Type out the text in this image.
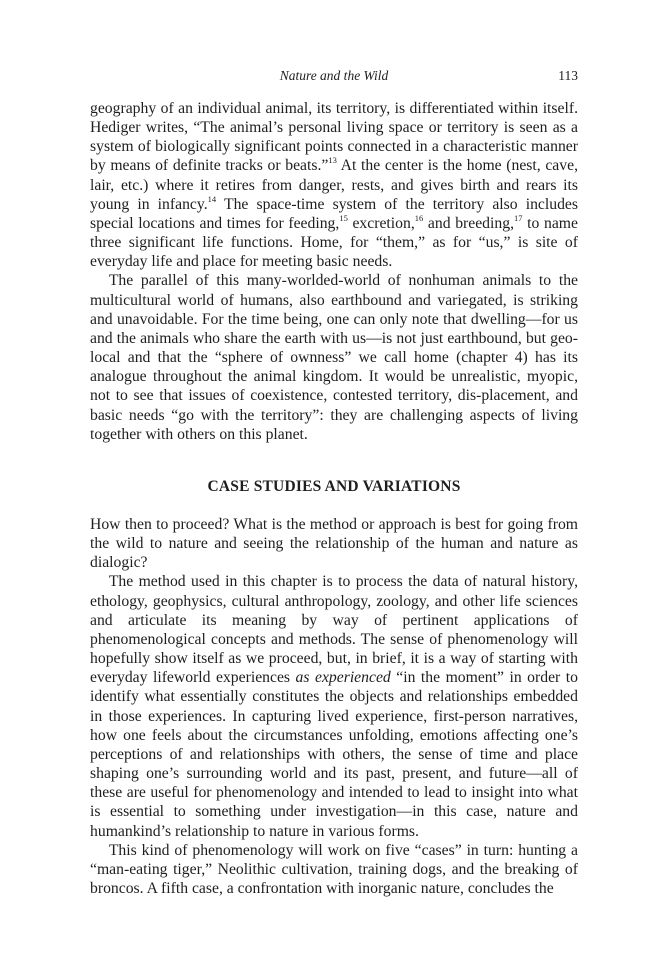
Nature and the Wild	113

geography of an individual animal, its territory, is differentiated within itself. Hediger writes, “The animal’s personal living space or territory is seen as a system of biologically significant points connected in a characteristic manner by means of definite tracks or beats.”$^{13}$ At the center is the home (nest, cave, lair, etc.) where it retires from danger, rests, and gives birth and rears its young in infancy.$^{14}$ The space-time system of the territory also includes special locations and times for feeding,$^{15}$ excretion,$^{16}$ and breeding,$^{17}$ to name three significant life functions. Home, for “them,” as for “us,” is site of everyday life and place for meeting basic needs.

The parallel of this many-worlded-world of nonhuman animals to the multicultural world of humans, also earthbound and variegated, is striking and unavoidable. For the time being, one can only note that dwelling—for us and the animals who share the earth with us—is not just earthbound, but geo-local and that the “sphere of ownness” we call home (chapter 4) has its analogue throughout the animal kingdom. It would be unrealistic, myopic, not to see that issues of coexistence, contested territory, dis-placement, and basic needs “go with the territory”: they are challenging aspects of living together with others on this planet.

CASE STUDIES AND VARIATIONS

How then to proceed? What is the method or approach is best for going from the wild to nature and seeing the relationship of the human and nature as dialogic?

The method used in this chapter is to process the data of natural history, ethology, geophysics, cultural anthropology, zoology, and other life sciences and articulate its meaning by way of pertinent applications of phenomenological concepts and methods. The sense of phenomenology will hopefully show itself as we proceed, but, in brief, it is a way of starting with everyday lifeworld experiences as experienced “in the moment” in order to identify what essentially constitutes the objects and relationships embedded in those experiences. In capturing lived experience, first-person narratives, how one feels about the circumstances unfolding, emotions affecting one’s perceptions of and relationships with others, the sense of time and place shaping one’s surrounding world and its past, present, and future—all of these are useful for phenomenology and intended to lead to insight into what is essential to something under investigation—in this case, nature and humankind’s relationship to nature in various forms.

This kind of phenomenology will work on five “cases” in turn: hunting a “man-eating tiger,” Neolithic cultivation, training dogs, and the breaking of broncos. A fifth case, a confrontation with inorganic nature, concludes the
